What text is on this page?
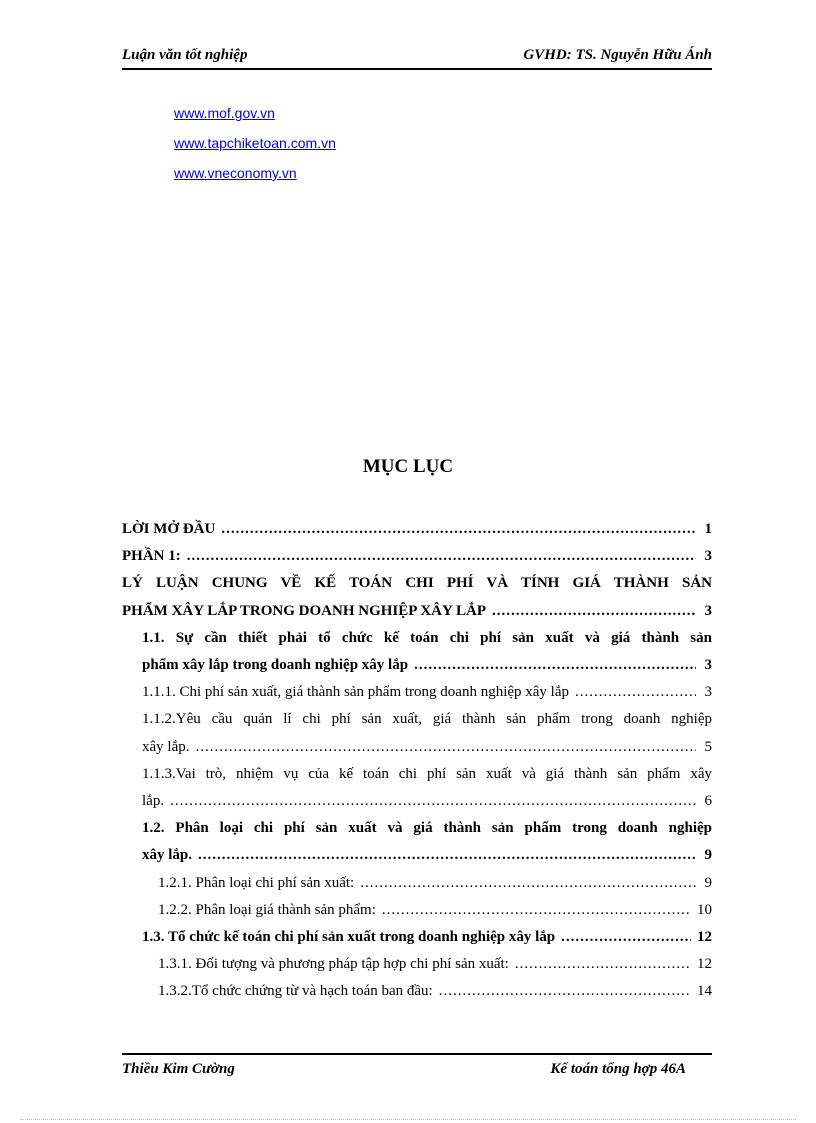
Luận văn tốt nghiệp	GVHD: TS. Nguyễn Hữu Ánh
www.mof.gov.vn
www.tapchiketoan.com.vn
www.vneconomy.vn
MỤC LỤC
LỜI MỞ ĐẦU .....	1
PHẦN 1: .....	3
LÝ LUẬN CHUNG VỀ KẾ TOÁN CHI PHÍ VÀ TÍNH GIÁ THÀNH SẢN
PHẨM XÂY LẮP TRONG DOANH NGHIỆP XÂY LẮP .....	3
1.1. Sự cần thiết phải tổ chức kế toán chi phí sản xuất và giá thành sản
phẩm xây lắp trong doanh nghiệp xây lắp .....	3
1.1.1. Chi phí sản xuất, giá thành sản phẩm trong doanh nghiệp xây lắp .....	3
1.1.2.Yêu cầu quản lí chi phí sản xuất, giá thành sản phẩm trong doanh nghiệp
xây lắp. .....	5
1.1.3.Vai trò, nhiệm vụ của kế toán chi phí sản xuất và giá thành sản phẩm xây
lắp. .....	6
1.2. Phân loại chi phí sản xuất và giá thành sản phẩm trong doanh nghiệp
xây lắp. .....	9
1.2.1. Phân loại chi phí sản xuất: .....	9
1.2.2. Phân loại giá thành sản phẩm: .....	10
1.3. Tổ chức kế toán chi phí sản xuất trong doanh nghiệp xây lắp .....	12
1.3.1. Đối tượng và phương pháp tập hợp chi phí sản xuất: .....	12
1.3.2.Tổ chức chứng từ và hạch toán ban đầu: .....	14
Thiều Kim Cường	Kế toán tổng hợp 46A
